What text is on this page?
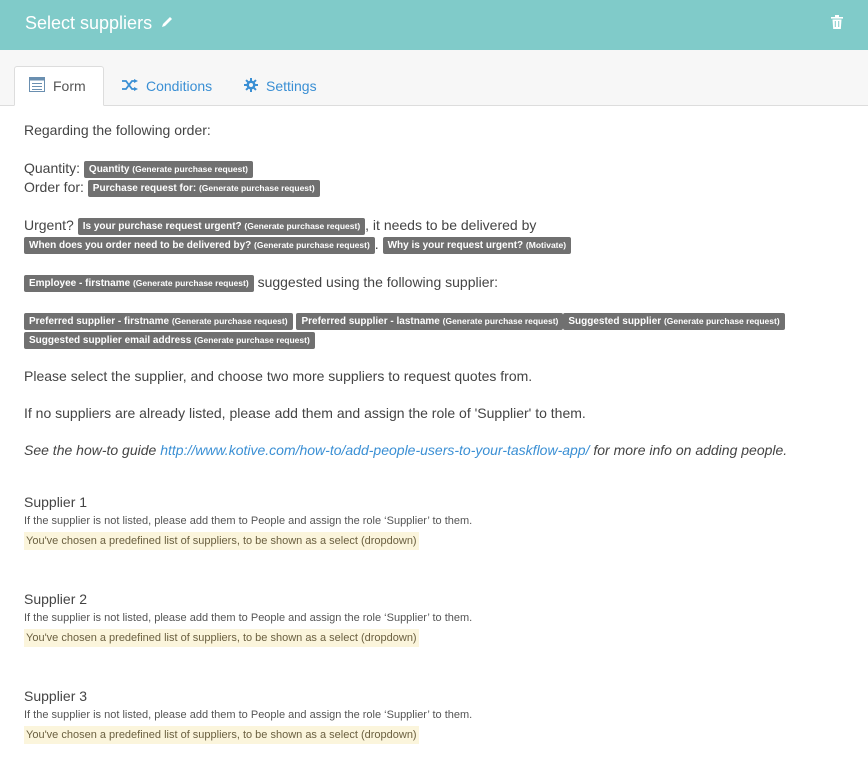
Select suppliers
Form	Conditions	Settings

Regarding the following order:

Quantity: Quantity (Generate purchase request)

Order for: Purchase request for: (Generate purchase request)

Urgent? Is your purchase request urgent? (Generate purchase request) , it needs to be delivered by

When does you order need to be delivered by? (Generate purchase request) . Why is your request urgent? (Motivate)

Employee - firstname (Generate purchase request) suggested using the following supplier:

Preferred supplier - firstname (Generate purchase request) Preferred supplier - lastname (Generate purchase request) Suggested supplier (Generate purchase request) Suggested supplier email address (Generate purchase request)

Please select the supplier, and choose two more suppliers to request quotes from.

If no suppliers are already listed, please add them and assign the role of 'Supplier' to them.

See the how-to guide http://www.kotive.com/how-to/add-people-users-to-your-taskflow-app/ for more info on adding people.

Supplier 1

If the supplier is not listed, please add them to People and assign the role ‘Supplier’ to them.

You've chosen a predefined list of suppliers, to be shown as a select (dropdown)

Supplier 2

If the supplier is not listed, please add them to People and assign the role ‘Supplier’ to them.

You've chosen a predefined list of suppliers, to be shown as a select (dropdown)

Supplier 3

If the supplier is not listed, please add them to People and assign the role ‘Supplier’ to them.

You've chosen a predefined list of suppliers, to be shown as a select (dropdown)
